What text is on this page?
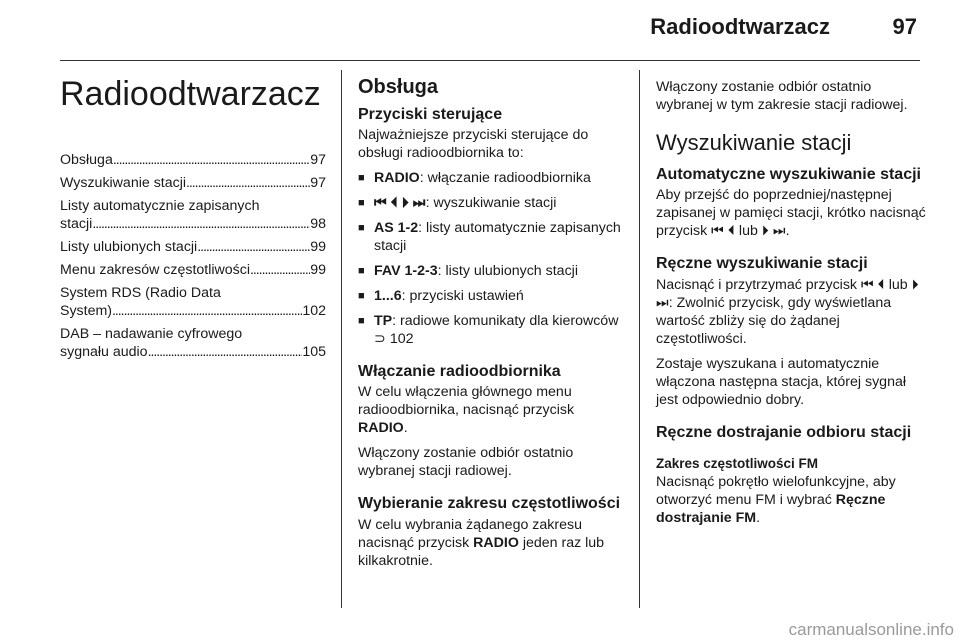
Radioodtwarzacz	97
Radioodtwarzacz
Obsługa . . .	97
Wyszukiwanie stacji . . .	97
Listy automatycznie zapisanych
stacji . . .	98
Listy ulubionych stacji . . .	99
Menu zakresów częstotliwości . . .	99
System RDS (Radio Data
System) . . .	102
DAB – nadawanie cyfrowego
sygnału audio . . .	105
Obsługa
Przyciski sterujące

Najważniejsze przyciski sterujące do obsługi radioodbiornika to:

■ RADIO: włączanie radioodbiornika
■ ⏮ ⏴ ⏵ ⏭: wyszukiwanie stacji
■ AS 1-2: listy automatycznie zapisanych stacji
■ FAV 1-2-3: listy ulubionych stacji
■ 1...6: przyciski ustawień
■ TP: radiowe komunikaty dla kierowców ⊃ 102
Włączanie radioodbiornika

W celu włączenia głównego menu radioodbiornika, nacisnąć przycisk RADIO.

Włączony zostanie odbiór ostatnio wybranej stacji radiowej.

Wybieranie zakresu częstotliwości

W celu wybrania żądanego zakresu nacisnąć przycisk RADIO jeden raz lub kilkakrotnie.

Włączony zostanie odbiór ostatnio wybranej w tym zakresie stacji radiowej.

Wyszukiwanie stacji
Automatyczne wyszukiwanie stacji

Aby przejść do poprzedniej/następnej zapisanej w pamięci stacji, krótko nacisnąć przycisk ⏮ ⏴ lub ⏵ ⏭.

Ręczne wyszukiwanie stacji

Nacisnąć i przytrzymać przycisk ⏮ ⏴ lub ⏵ ⏭: Zwolnić przycisk, gdy wyświetlana wartość zbliży się do żądanej częstotliwości.

Zostaje wyszukana i automatycznie włączona następna stacja, której sygnał jest odpowiednio dobry.

Ręczne dostrajanie odbioru stacji
Zakres częstotliwości FM

Nacisnąć pokrętło wielofunkcyjne, aby otworzyć menu FM i wybrać Ręczne dostrajanie FM.

carmanualsonline.info
